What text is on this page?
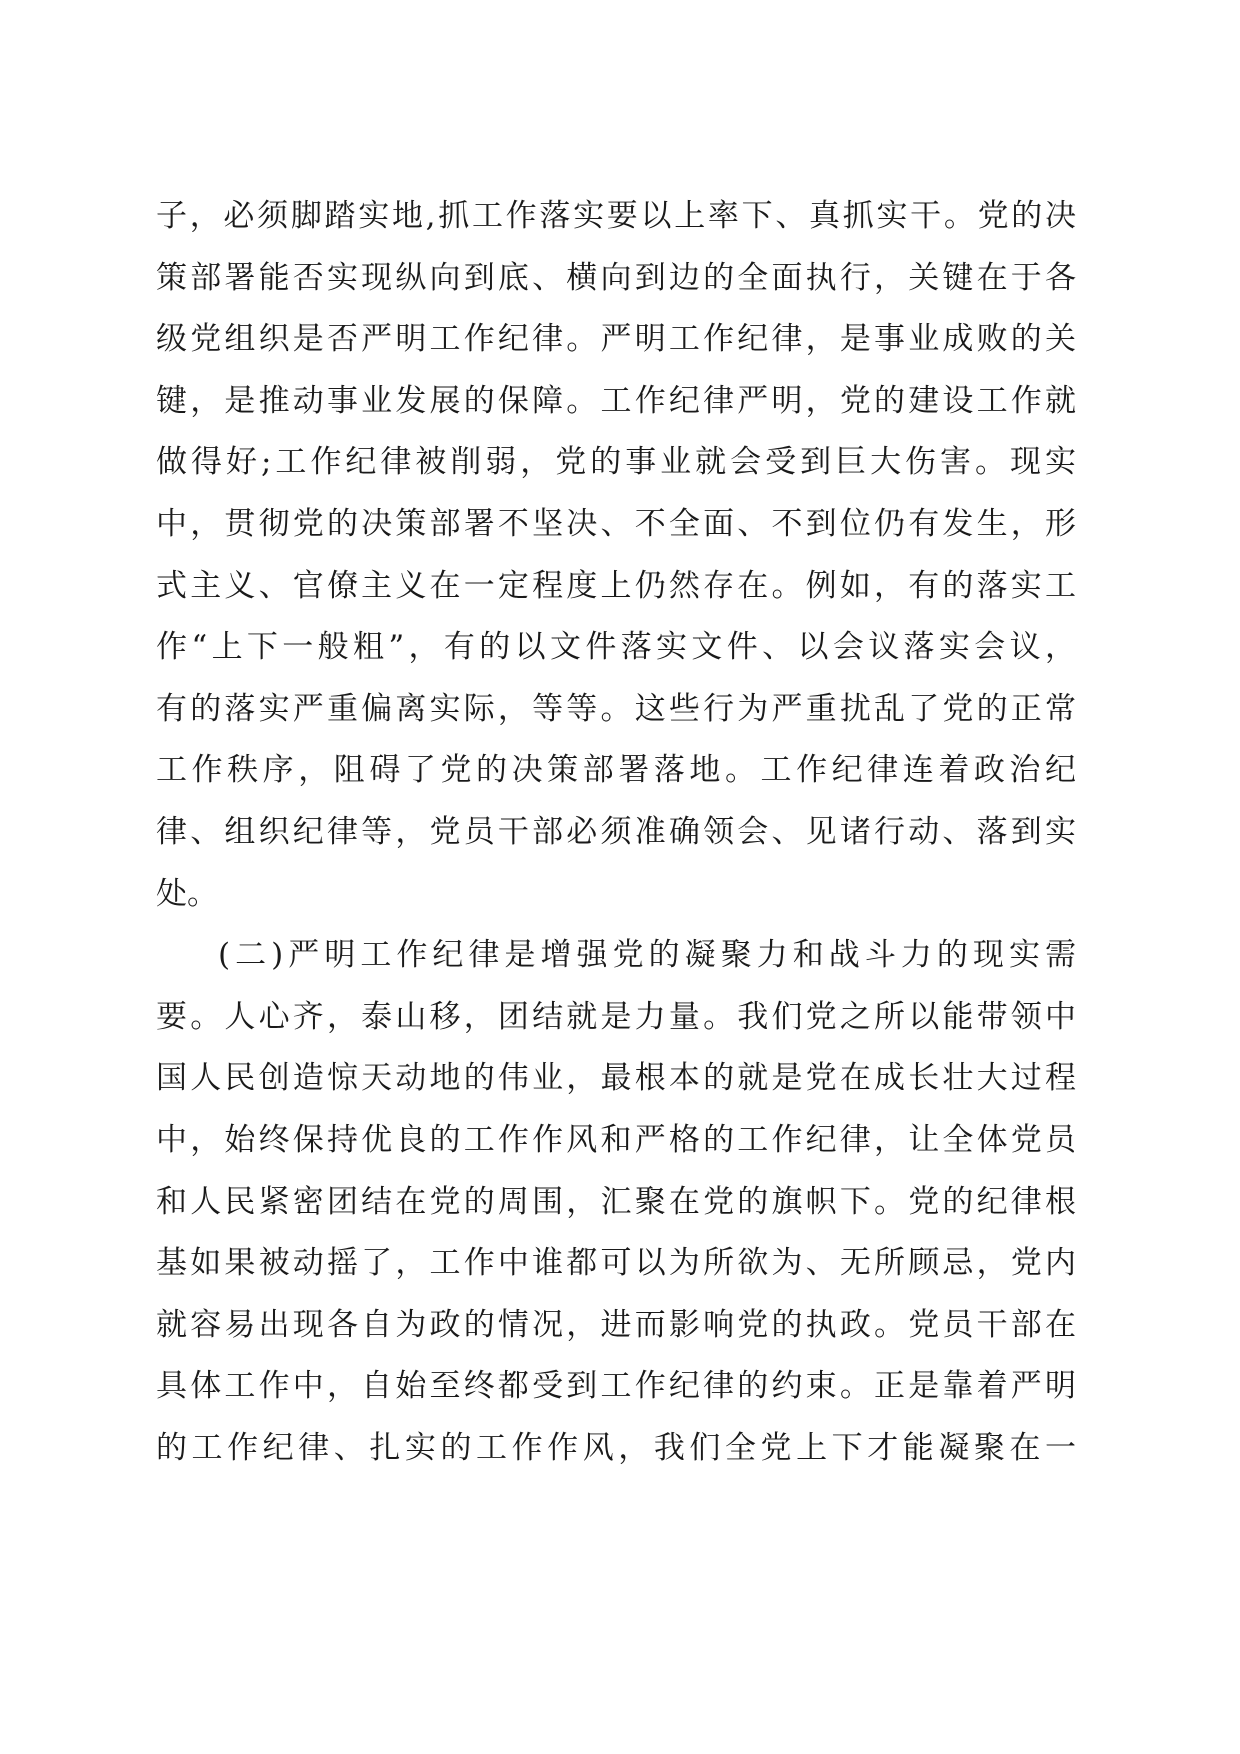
子，必须脚踏实地,抓工作落实要以上率下、真抓实干。党的决
策部署能否实现纵向到底、横向到边的全面执行，关键在于各
级党组织是否严明工作纪律。严明工作纪律，是事业成败的关
键，是推动事业发展的保障。工作纪律严明，党的建设工作就
做得好;工作纪律被削弱，党的事业就会受到巨大伤害。现实
中，贯彻党的决策部署不坚决、不全面、不到位仍有发生，形
式主义、官僚主义在一定程度上仍然存在。例如，有的落实工
作“上下一般粗”，有的以文件落实文件、以会议落实会议，
有的落实严重偏离实际，等等。这些行为严重扰乱了党的正常
工作秩序，阻碍了党的决策部署落地。工作纪律连着政治纪
律、组织纪律等，党员干部必须准确领会、见诸行动、落到实
处。
(二)严明工作纪律是增强党的凝聚力和战斗力的现实需
要。人心齐，泰山移，团结就是力量。我们党之所以能带领中
国人民创造惊天动地的伟业，最根本的就是党在成长壮大过程
中，始终保持优良的工作作风和严格的工作纪律，让全体党员
和人民紧密团结在党的周围，汇聚在党的旗帜下。党的纪律根
基如果被动摇了，工作中谁都可以为所欲为、无所顾忌，党内
就容易出现各自为政的情况，进而影响党的执政。党员干部在
具体工作中，自始至终都受到工作纪律的约束。正是靠着严明
的工作纪律、扎实的工作作风，我们全党上下才能凝聚在一
